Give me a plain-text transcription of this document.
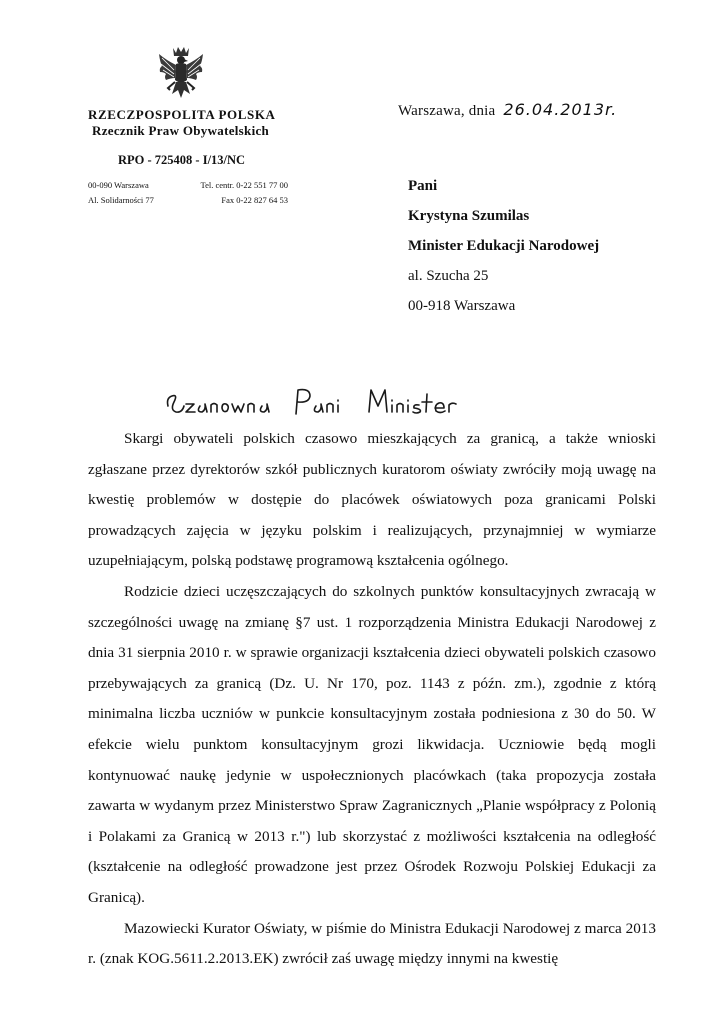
RZECZPOSPOLITA POLSKA

Rzecznik Praw Obywatelskich

RPO - 725408 - I/13/NC

00-090 Warszawa	Tel. centr. 0-22 551 77 00
Al. Solidarności 77	Fax 0-22 827 64 53
Warszawa, dnia 26.04.2013r.
Pani
Krystyna Szumilas
Minister Edukacji Narodowej
al. Szucha 25
00-918 Warszawa

Skargi obywateli polskich czasowo mieszkających za granicą, a także wnioski zgłaszane przez dyrektorów szkół publicznych kuratorom oświaty zwróciły moją uwagę na kwestię problemów w dostępie do placówek oświatowych poza granicami Polski prowadzących zajęcia w języku polskim i realizujących, przynajmniej w wymiarze uzupełniającym, polską podstawę programową kształcenia ogólnego.

Rodzicie dzieci uczęszczających do szkolnych punktów konsultacyjnych zwracają w szczególności uwagę na zmianę §7 ust. 1 rozporządzenia Ministra Edukacji Narodowej z dnia 31 sierpnia 2010 r. w sprawie organizacji kształcenia dzieci obywateli polskich czasowo przebywających za granicą (Dz. U. Nr 170, poz. 1143 z późn. zm.), zgodnie z którą minimalna liczba uczniów w punkcie konsultacyjnym została podniesiona z 30 do 50. W efekcie wielu punktom konsultacyjnym grozi likwidacja. Uczniowie będą mogli kontynuować naukę jedynie w uspołecznionych placówkach (taka propozycja została zawarta w wydanym przez Ministerstwo Spraw Zagranicznych „Planie współpracy z Polonią i Polakami za Granicą w 2013 r.") lub skorzystać z możliwości kształcenia na odległość (kształcenie na odległość prowadzone jest przez Ośrodek Rozwoju Polskiej Edukacji za Granicą).

Mazowiecki Kurator Oświaty, w piśmie do Ministra Edukacji Narodowej z marca 2013 r. (znak KOG.5611.2.2013.EK) zwrócił zaś uwagę między innymi na kwestię
